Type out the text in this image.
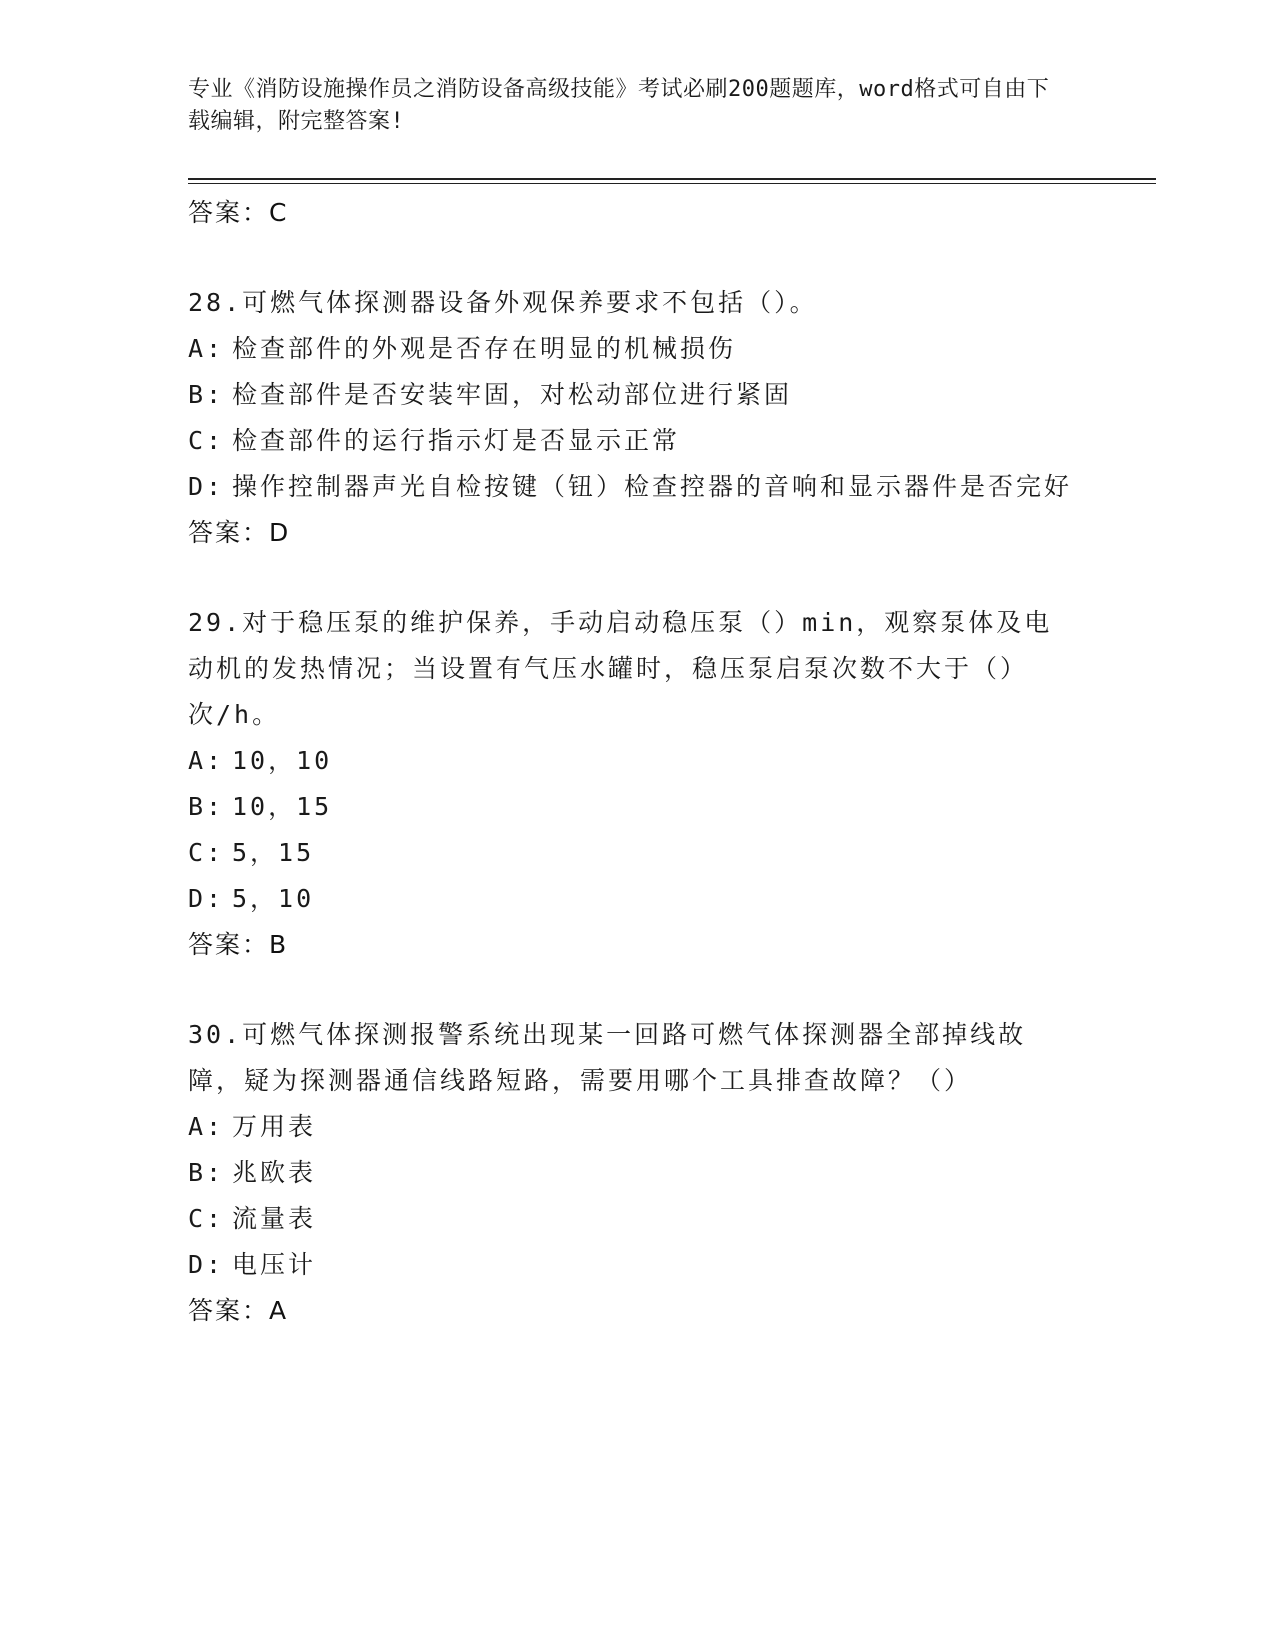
专业《消防设施操作员之消防设备高级技能》考试必刷200题题库，word格式可自由下载编辑，附完整答案!
答案：C
28.可燃气体探测器设备外观保养要求不包括（）。
A: 检查部件的外观是否存在明显的机械损伤
B: 检查部件是否安装牢固，对松动部位进行紧固
C: 检查部件的运行指示灯是否显示正常
D: 操作控制器声光自检按键（钮）检查控器的音响和显示器件是否完好
答案：D
29.对于稳压泵的维护保养，手动启动稳压泵（）min，观察泵体及电动机的发热情况；当设置有气压水罐时，稳压泵启泵次数不大于（）次/h。
A: 10，10
B: 10，15
C: 5，15
D: 5，10
答案：B
30.可燃气体探测报警系统出现某一回路可燃气体探测器全部掉线故障，疑为探测器通信线路短路，需要用哪个工具排查故障？（）
A: 万用表
B: 兆欧表
C: 流量表
D: 电压计
答案：A
